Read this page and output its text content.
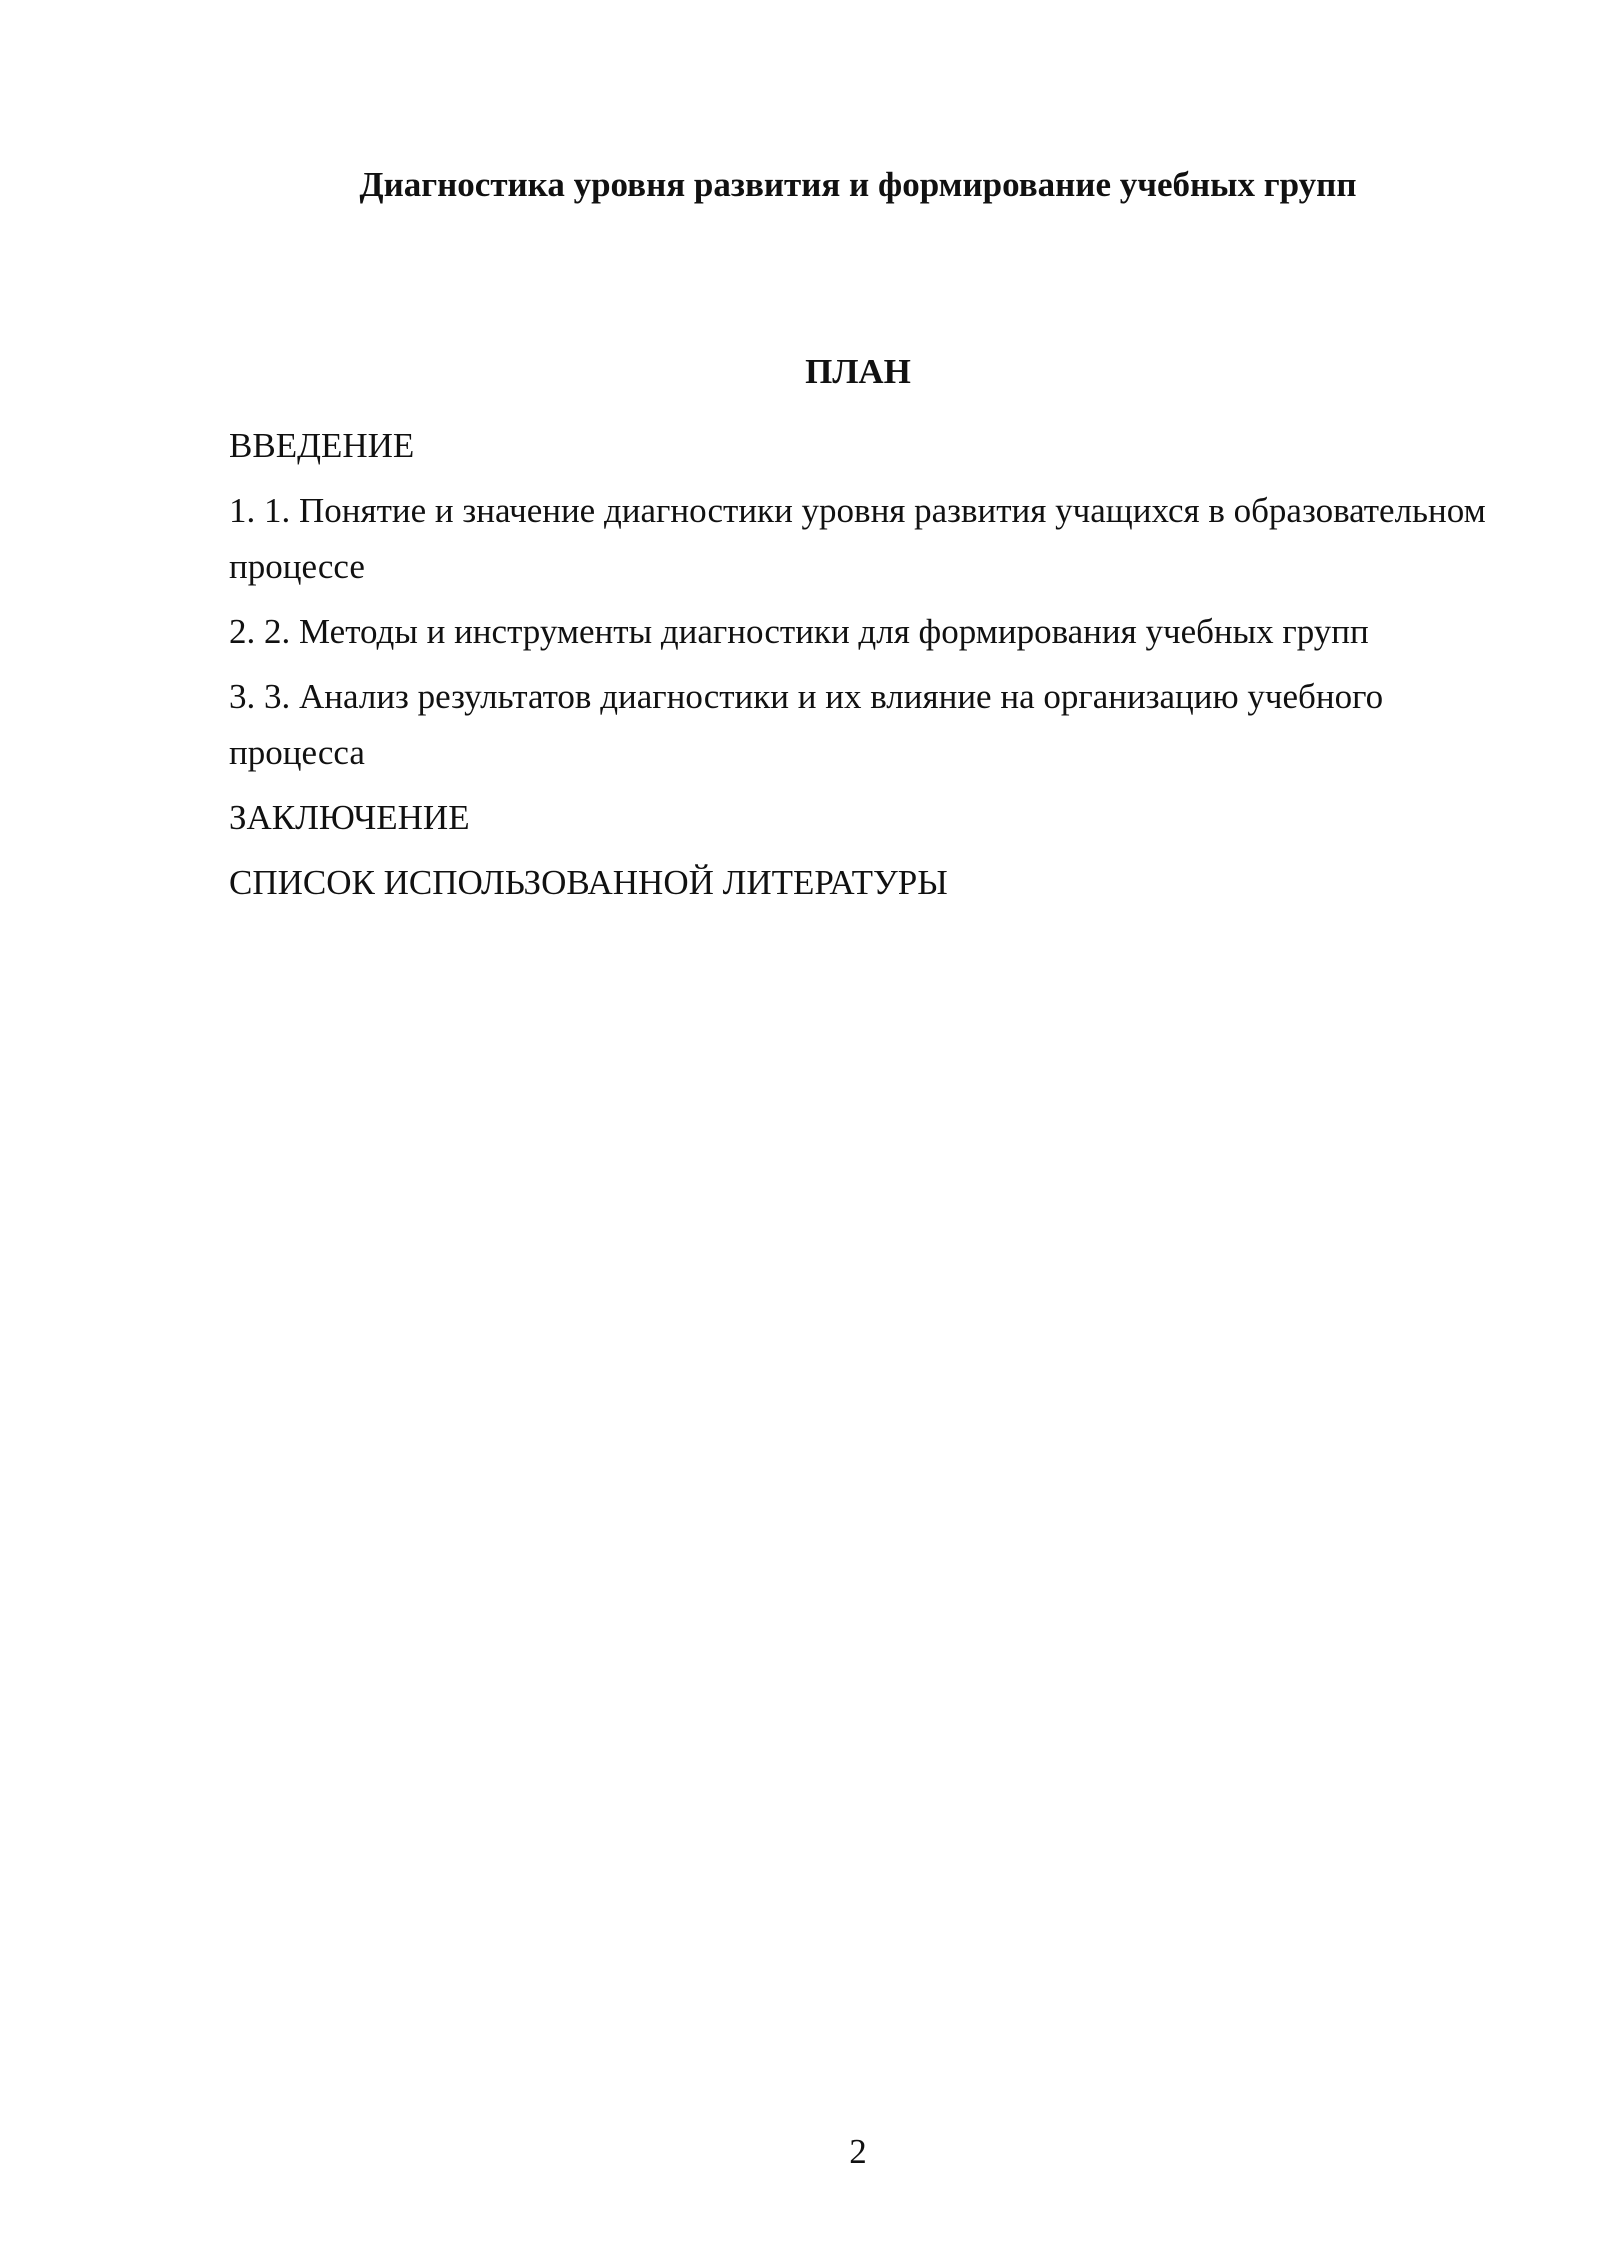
Диагностика уровня развития и формирование учебных групп
ПЛАН
ВВЕДЕНИЕ
1. 1. Понятие и значение диагностики уровня развития учащихся в образовательном процессе
2. 2. Методы и инструменты диагностики для формирования учебных групп
3. 3. Анализ результатов диагностики и их влияние на организацию учебного процесса
ЗАКЛЮЧЕНИЕ
СПИСОК ИСПОЛЬЗОВАННОЙ ЛИТЕРАТУРЫ
2
